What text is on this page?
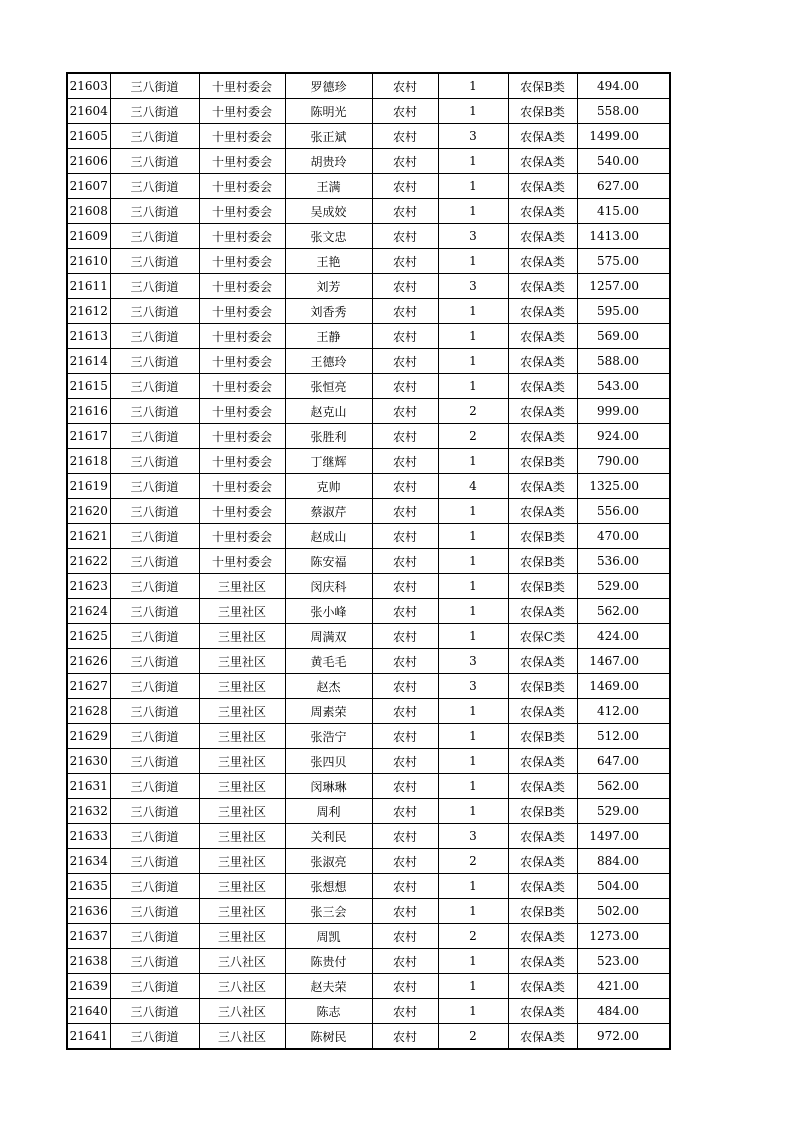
21603	三八街道	十里村委会	罗德珍	农村	1	农保B类	494.00
21604	三八街道	十里村委会	陈明光	农村	1	农保B类	558.00
21605	三八街道	十里村委会	张正斌	农村	3	农保A类	1499.00
21606	三八街道	十里村委会	胡贵玲	农村	1	农保A类	540.00
21607	三八街道	十里村委会	王满	农村	1	农保A类	627.00
21608	三八街道	十里村委会	吴成姣	农村	1	农保A类	415.00
21609	三八街道	十里村委会	张文忠	农村	3	农保A类	1413.00
21610	三八街道	十里村委会	王艳	农村	1	农保A类	575.00
21611	三八街道	十里村委会	刘芳	农村	3	农保A类	1257.00
21612	三八街道	十里村委会	刘香秀	农村	1	农保A类	595.00
21613	三八街道	十里村委会	王静	农村	1	农保A类	569.00
21614	三八街道	十里村委会	王德玲	农村	1	农保A类	588.00
21615	三八街道	十里村委会	张恒亮	农村	1	农保A类	543.00
21616	三八街道	十里村委会	赵克山	农村	2	农保A类	999.00
21617	三八街道	十里村委会	张胜利	农村	2	农保A类	924.00
21618	三八街道	十里村委会	丁继辉	农村	1	农保B类	790.00
21619	三八街道	十里村委会	克帅	农村	4	农保A类	1325.00
21620	三八街道	十里村委会	蔡淑芹	农村	1	农保A类	556.00
21621	三八街道	十里村委会	赵成山	农村	1	农保B类	470.00
21622	三八街道	十里村委会	陈安福	农村	1	农保B类	536.00
21623	三八街道	三里社区	闵庆科	农村	1	农保B类	529.00
21624	三八街道	三里社区	张小峰	农村	1	农保A类	562.00
21625	三八街道	三里社区	周满双	农村	1	农保C类	424.00
21626	三八街道	三里社区	黄毛毛	农村	3	农保A类	1467.00
21627	三八街道	三里社区	赵杰	农村	3	农保B类	1469.00
21628	三八街道	三里社区	周素荣	农村	1	农保A类	412.00
21629	三八街道	三里社区	张浩宁	农村	1	农保B类	512.00
21630	三八街道	三里社区	张四贝	农村	1	农保A类	647.00
21631	三八街道	三里社区	闵琳琳	农村	1	农保A类	562.00
21632	三八街道	三里社区	周利	农村	1	农保B类	529.00
21633	三八街道	三里社区	关利民	农村	3	农保A类	1497.00
21634	三八街道	三里社区	张淑亮	农村	2	农保A类	884.00
21635	三八街道	三里社区	张想想	农村	1	农保A类	504.00
21636	三八街道	三里社区	张三会	农村	1	农保B类	502.00
21637	三八街道	三里社区	周凯	农村	2	农保A类	1273.00
21638	三八街道	三八社区	陈贵付	农村	1	农保A类	523.00
21639	三八街道	三八社区	赵夫荣	农村	1	农保A类	421.00
21640	三八街道	三八社区	陈志	农村	1	农保A类	484.00
21641	三八街道	三八社区	陈树民	农村	2	农保A类	972.00
